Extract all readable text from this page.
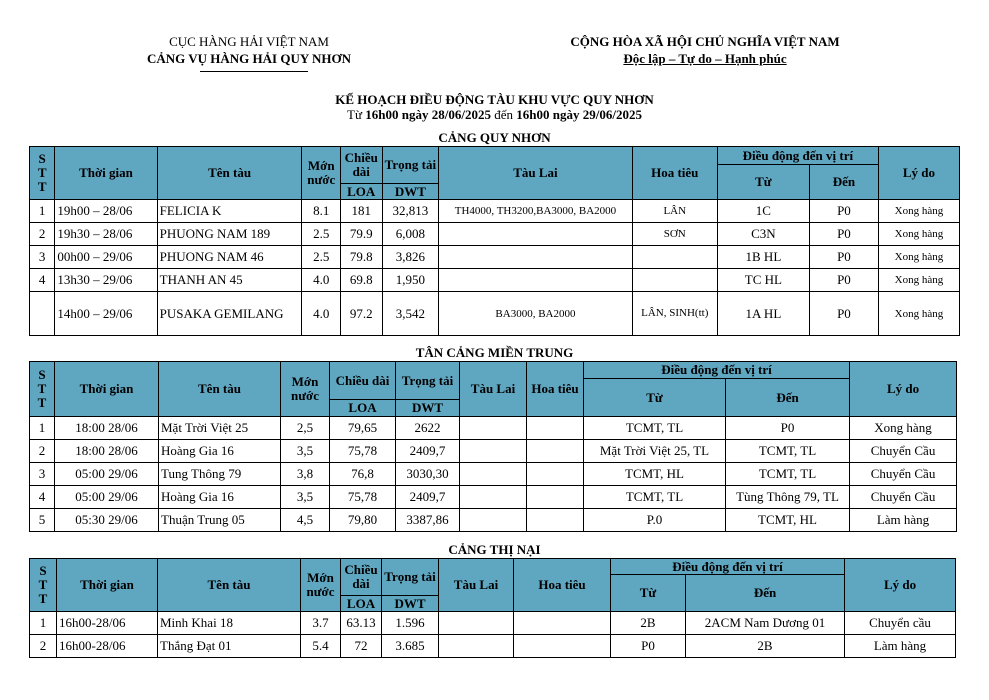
CỤC HÀNG HẢI VIỆT NAM
CẢNG VỤ HÀNG HẢI QUY NHƠN
CỘNG HÒA XÃ HỘI CHỦ NGHĨA VIỆT NAM
Độc lập – Tự do – Hạnh phúc
KẾ HOẠCH ĐIỀU ĐỘNG TÀU KHU VỰC QUY NHƠN
Từ 16h00 ngày 28/06/2025 đến 16h00 ngày 29/06/2025
CẢNG QUY NHƠN
S
T
T	Thời gian	Tên tàu	Mớn nước	Chiều dài	Trọng tải	Tàu Lai	Hoa tiêu	Điều động đến vị trí		Lý do
								Từ	Đến	
				LOA	DWT					
1	19h00 – 28/06	FELICIA K	8.1	181	32,813	TH4000, TH3200,BA3000, BA2000	LÂN	1C	P0	Xong hàng
2	19h30 – 28/06	PHUONG NAM 189	2.5	79.9	6,008		SƠN	C3N	P0	Xong hàng
3	00h00 – 29/06	PHUONG NAM 46	2.5	79.8	3,826			1B HL	P0	Xong hàng
4	13h30 – 29/06	THANH AN 45	4.0	69.8	1,950			TC HL	P0	Xong hàng
	14h00 – 29/06	PUSAKA GEMILANG	4.0	97.2	3,542	BA3000, BA2000	LÂN, SINH(tt)	1A HL	P0	Xong hàng
TÂN CẢNG MIỀN TRUNG
S
T
T	Thời gian	Tên tàu	Mớn nước	Chiều dài	Trọng tải	Tàu Lai	Hoa tiêu	Điều động đến vị trí		Lý do
								Từ	Đến	
				LOA	DWT					
1	18:00 28/06	Mặt Trời Việt 25	2,5	79,65	2622			TCMT, TL	P0	Xong hàng
2	18:00 28/06	Hoàng Gia 16	3,5	75,78	2409,7			Mặt Trời Việt 25, TL	TCMT, TL	Chuyển Cầu
3	05:00 29/06	Tung Thông 79	3,8	76,8	3030,30			TCMT, HL	TCMT, TL	Chuyển Cầu
4	05:00 29/06	Hoàng Gia 16	3,5	75,78	2409,7			TCMT, TL	Tùng Thông 79, TL	Chuyển Cầu
5	05:30 29/06	Thuận Trung 05	4,5	79,80	3387,86			P.0	TCMT, HL	Làm hàng
CẢNG THỊ NẠI
S
T
T	Thời gian	Tên tàu	Mớn nước	Chiều dài	Trọng tải	Tàu Lai	Hoa tiêu	Điều động đến vị trí		Lý do
								Từ	Đến	
				LOA	DWT					
1	16h00-28/06	Minh Khai 18	3.7	63.13	1.596			2B	2ACM Nam Dương 01	Chuyển cầu
2	16h00-28/06	Thắng Đạt 01	5.4	72	3.685			P0	2B	Làm hàng
